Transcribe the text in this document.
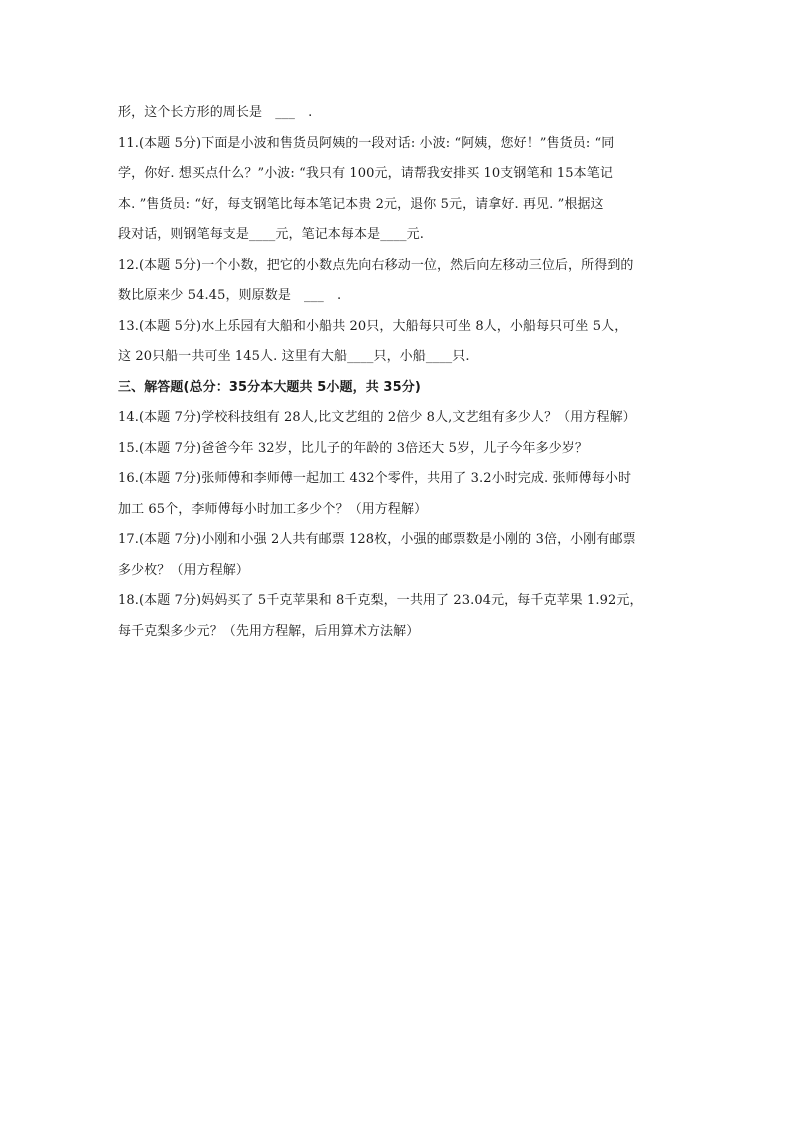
形，这个长方形的周长是　___　.
11.(本题 5分)下面是小波和售货员阿姨的一段对话: 小波: “阿姨，您好！”售货员: “同
学，你好. 想买点什么？”小波: “我只有 100元，请帮我安排买 10支钢笔和 15本笔记
本. ”售货员: “好，每支钢笔比每本笔记本贵 2元，退你 5元，请拿好. 再见. ”根据这
段对话，则钢笔每支是____元，笔记本每本是____元.
12.(本题 5分)一个小数，把它的小数点先向右移动一位，然后向左移动三位后，所得到的
数比原来少 54.45，则原数是　___　.
13.(本题 5分)水上乐园有大船和小船共 20只，大船每只可坐 8人，小船每只可坐 5人，
这 20只船一共可坐 145人. 这里有大船____只，小船____只.
三、解答题(总分：35分本大题共 5小题，共 35分)
14.(本题 7分)学校科技组有 28人,比文艺组的 2倍少 8人,文艺组有多少人？（用方程解）
15.(本题 7分)爸爸今年 32岁，比儿子的年龄的 3倍还大 5岁，儿子今年多少岁？
16.(本题 7分)张师傅和李师傅一起加工 432个零件，共用了 3.2小时完成. 张师傅每小时
加工 65个，李师傅每小时加工多少个？（用方程解）
17.(本题 7分)小刚和小强 2人共有邮票 128枚，小强的邮票数是小刚的 3倍，小刚有邮票
多少枚？（用方程解）
18.(本题 7分)妈妈买了 5千克苹果和 8千克梨，一共用了 23.04元，每千克苹果 1.92元，
每千克梨多少元？（先用方程解，后用算术方法解）
